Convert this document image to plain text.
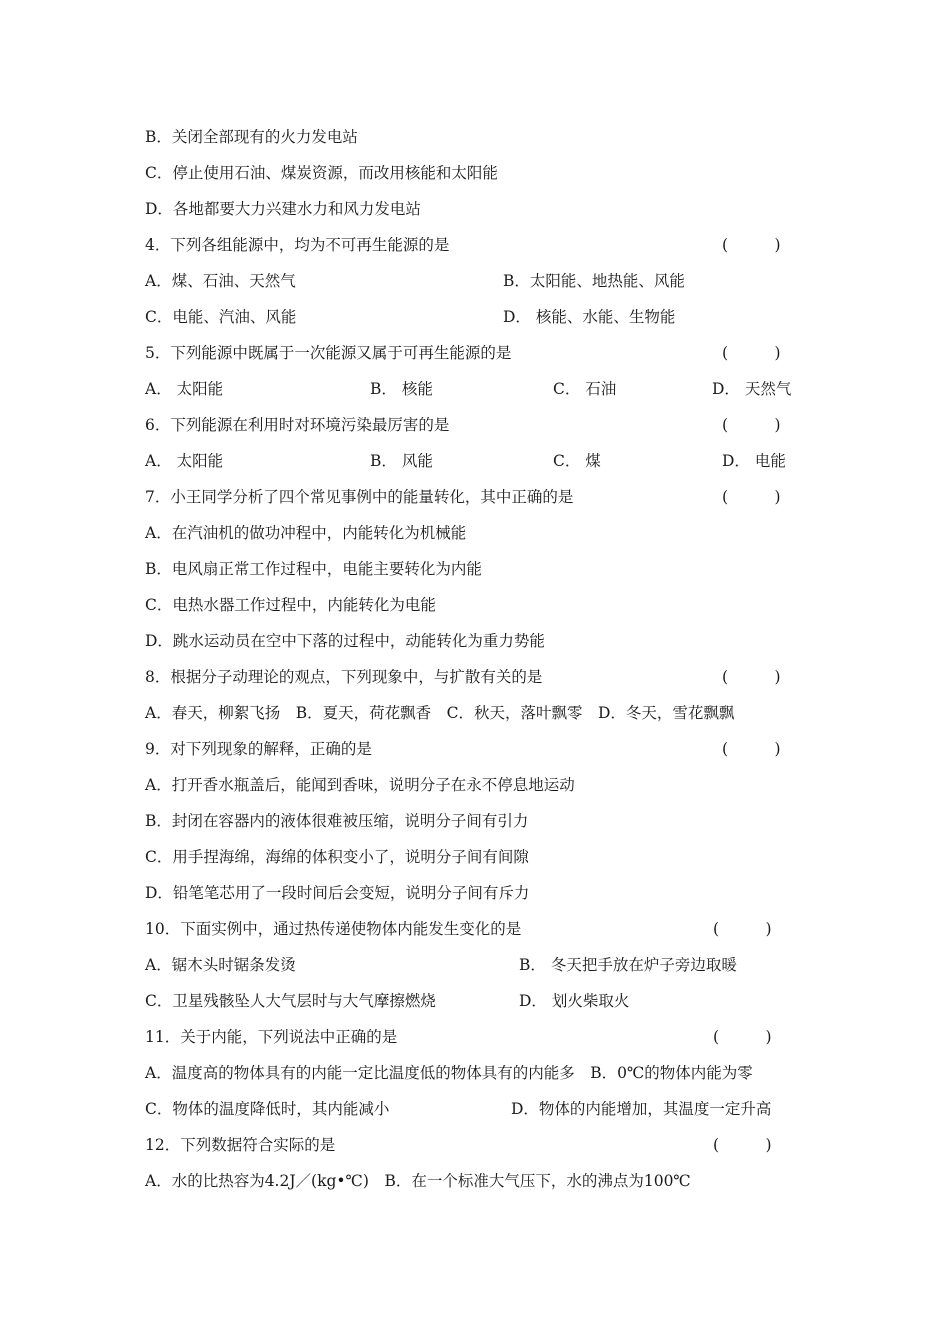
B．关闭全部现有的火力发电站

C．停止使用石油、煤炭资源，而改用核能和太阳能

D．各地都要大力兴建水力和风力发电站

4．下列各组能源中，均为不可再生能源的是	(　　　)

A．煤、石油、天然气	B．太阳能、地热能、风能

C．电能、汽油、风能	D． 核能、水能、生物能

5．下列能源中既属于一次能源又属于可再生能源的是	(　　　)

A． 太阳能	B． 核能	C． 石油	D． 天然气

6．下列能源在利用时对环境污染最厉害的是	(　　　)

A． 太阳能	B． 风能	C． 煤	D． 电能

7．小王同学分析了四个常见事例中的能量转化，其中正确的是	(　　　)

A．在汽油机的做功冲程中，内能转化为机械能

B．电风扇正常工作过程中，电能主要转化为内能

C．电热水器工作过程中，内能转化为电能

D．跳水运动员在空中下落的过程中，动能转化为重力势能

8．根据分子动理论的观点，下列现象中，与扩散有关的是	(　　　)

A．春天，柳絮飞扬　B．夏天，荷花飘香　C．秋天，落叶飘零　D．冬天，雪花飘飘

9．对下列现象的解释，正确的是	(　　　)

A．打开香水瓶盖后，能闻到香味，说明分子在永不停息地运动

B．封闭在容器内的液体很难被压缩，说明分子间有引力

C．用手捏海绵，海绵的体积变小了，说明分子间有间隙

D．铅笔笔芯用了一段时间后会变短，说明分子间有斥力

10．下面实例中，通过热传递使物体内能发生变化的是	(　　　)

A．锯木头时锯条发烫	B． 冬天把手放在炉子旁边取暖

C．卫星残骸坠人大气层时与大气摩擦燃烧	D． 划火柴取火

11．关于内能，下列说法中正确的是	(　　　)

A．温度高的物体具有的内能一定比温度低的物体具有的内能多　B．0℃的物体内能为零

C．物体的温度降低时，其内能减小	D．物体的内能增加，其温度一定升高

12．下列数据符合实际的是	(　　　)

A．水的比热容为4.2J／(kg•℃)　B．在一个标准大气压下，水的沸点为100℃
